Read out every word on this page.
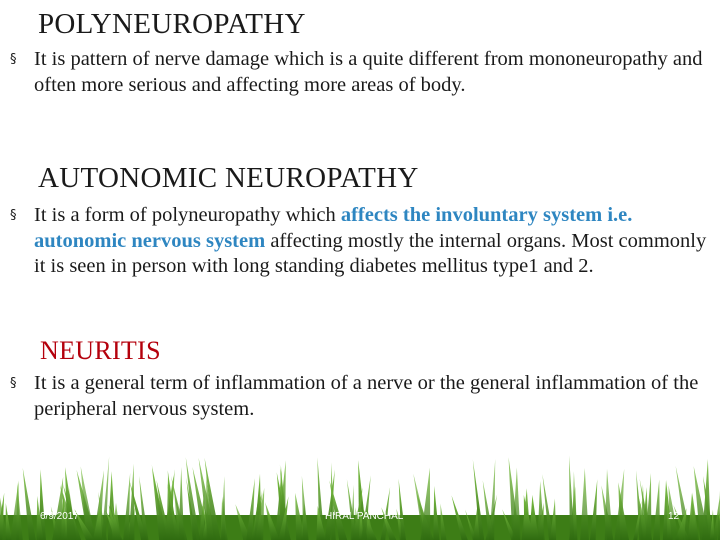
POLYNEUROPATHY
§ It is pattern of nerve damage which is a quite different from mononeuropathy and often more serious and affecting more areas of body.
AUTONOMIC NEUROPATHY
§ It is a form of polyneuropathy which affects the involuntary system i.e. autonomic nervous system affecting mostly the internal organs. Most commonly it is seen in person with long standing diabetes mellitus type1 and 2.
NEURITIS
§ It is a general term of inflammation of a nerve or the general inflammation of the peripheral nervous system.
6/9/2017	HIRAL PANCHAL	12
